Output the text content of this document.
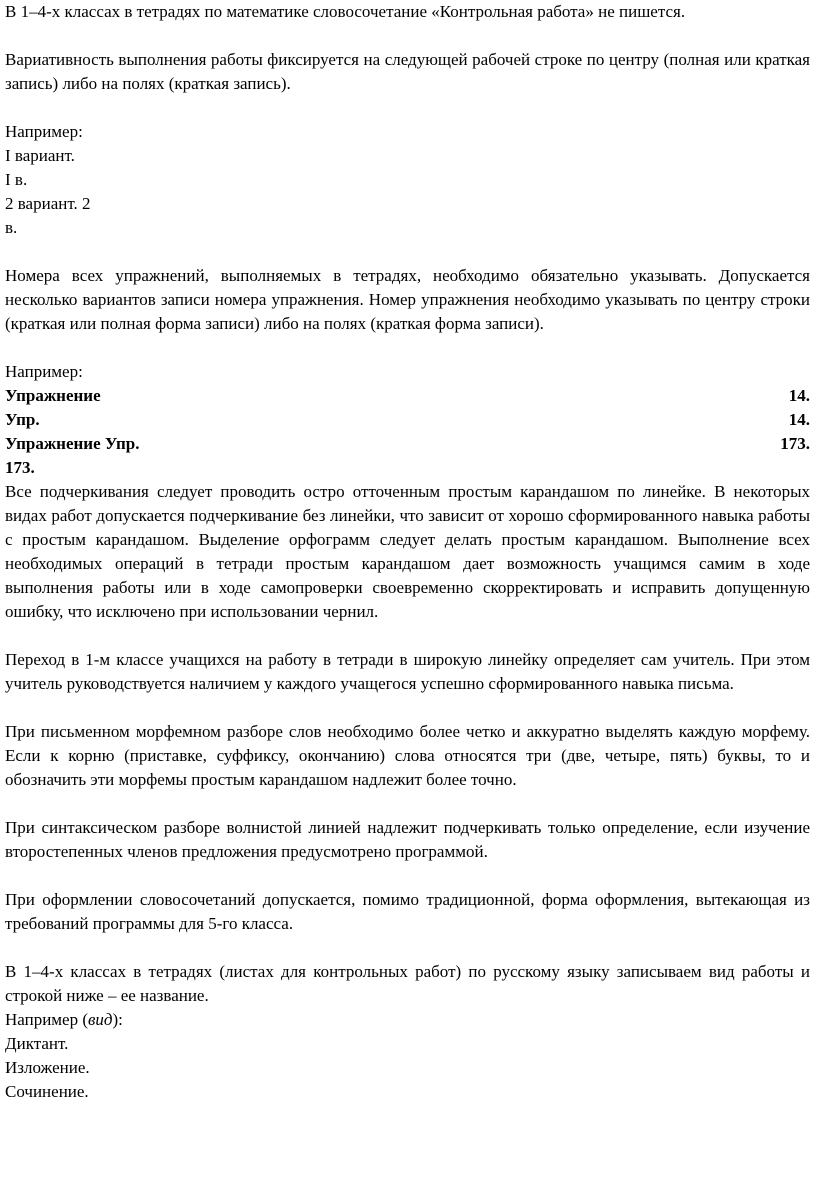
В 1–4-х классах в тетрадях по математике словосочетание «Контрольная работа» не пишется.

Вариативность выполнения работы фиксируется на следующей рабочей строке по центру (полная или краткая запись) либо на полях (краткая запись).

Например:
I вариант.
I в.
2 вариант. 2
в.

Номера всех упражнений, выполняемых в тетрадях, необходимо обязательно указывать. Допускается несколько вариантов записи номера упражнения. Номер упражнения необходимо указывать по центру строки (краткая или полная форма записи) либо на полях (краткая форма записи).

Например:
Упражнение	14.
Упр.	14.
Упражнение Упр.	173.
173.

Все подчеркивания следует проводить остро отточенным простым карандашом по линейке. В некоторых видах работ допускается подчеркивание без линейки, что зависит от хорошо сформированного навыка работы с простым карандашом. Выделение орфограмм следует делать простым карандашом. Выполнение всех необходимых операций в тетради простым карандашом дает возможность учащимся самим в ходе выполнения работы или в ходе самопроверки своевременно скорректировать и исправить допущенную ошибку, что исключено при использовании чернил.

Переход в 1-м классе учащихся на работу в тетради в широкую линейку определяет сам учитель. При этом учитель руководствуется наличием у каждого учащегося успешно сформированного навыка письма.

При письменном морфемном разборе слов необходимо более четко и аккуратно выделять каждую морфему. Если к корню (приставке, суффиксу, окончанию) слова относятся три (две, четыре, пять) буквы, то и обозначить эти морфемы простым карандашом надлежит более точно.

При синтаксическом разборе волнистой линией надлежит подчеркивать только определение, если изучение второстепенных членов предложения предусмотрено программой.

При оформлении словосочетаний допускается, помимо традиционной, форма оформления, вытекающая из требований программы для 5-го класса.

В 1–4-х классах в тетрадях (листах для контрольных работ) по русскому языку записываем вид работы и строкой ниже – ее название.

Например (вид):
Диктант.
Изложение.
Сочинение.
